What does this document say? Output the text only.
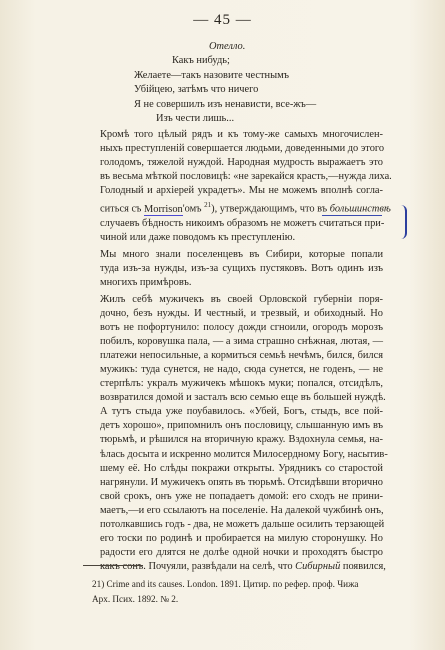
— 45 —
Отелло.
Какъ нибудь;
Желаете—такъ назовите честнымъ
Убійцею, затѣмъ что ничего
Я не совершилъ изъ ненависти, все-жъ—
Изъ чести лишь...

Кромѣ того цѣлый рядъ и къ тому-же самыхъ многочислен-
ныхъ преступленій совершается людьми, доведенными до этого
голодомъ, тяжелой нуждой. Народная мудрость выражаетъ это
въ весьма мѣткой пословицѣ: «не зарекайся красть,—нужда лиха.
Голодный и архіерей украдетъ». Мы не можемъ вполнѣ согла-
ситься съ Morrison'омъ $^{21}$), утверждающимъ, что въ большинствѣ
случаевъ бѣдность никоимъ образомъ не можетъ считаться при-
чиной или даже поводомъ къ преступленію.

Мы много знали поселенцевъ въ Сибири, которые попали
туда изъ-за нужды, изъ-за сущихъ пустяковъ. Вотъ одинъ изъ
многихъ примѣровъ.

Жилъ себѣ мужичекъ въ своей Орловской губерніи поря-
дочно, безъ нужды. И честный, и трезвый, и обиходный. Но
вотъ не пофортунило: полосу дожди сгноили, огородъ морозъ
побилъ, коровушка пала, — а зима страшно снѣжная, лютая, —
платежи непосильные, а кормиться семьѣ нечѣмъ, бился, бился
мужикъ: туда сунется, не надо, сюда сунется, не годенъ, — не
стерпѣлъ: укралъ мужичекъ мѣшокъ муки; попался, отсидѣлъ,
возвратился домой и засталъ всю семью еще въ большей нуждѣ.
А тутъ стыда уже поубавилось. «Убей, Богъ, стыдъ, все пой-
детъ хорошо», припомнилъ онъ пословицу, слышанную имъ въ
тюрьмѣ, и рѣшился на вторичную кражу. Вздохнула семья, на-
ѣлась досыта и искренно молится Милосердному Богу, насытив-
шему её. Но слѣды покражи открыты. Урядникъ со старостой
нагрянули. И мужичекъ опять въ тюрьмѣ. Отсидѣвши вторично
свой срокъ, онъ уже не попадаетъ домой: его сходъ не прини-
маетъ,—и его ссылаютъ на поселеніе. На далекой чужбинѣ онъ,
потолкавшись годъ - два, не можетъ дальше осилить терзающей
его тоски по родинѣ и пробирается на милую сторонушку. Но
радости его длятся не долѣе одной ночки и проходятъ быстро
какъ сонъ. Почуяли, развѣдали на селѣ, что Сибирный появился,

21) Crime and its causes. London. 1891. Цитир. по рефер. проф. Чижа
Арх. Псих. 1892. № 2.
